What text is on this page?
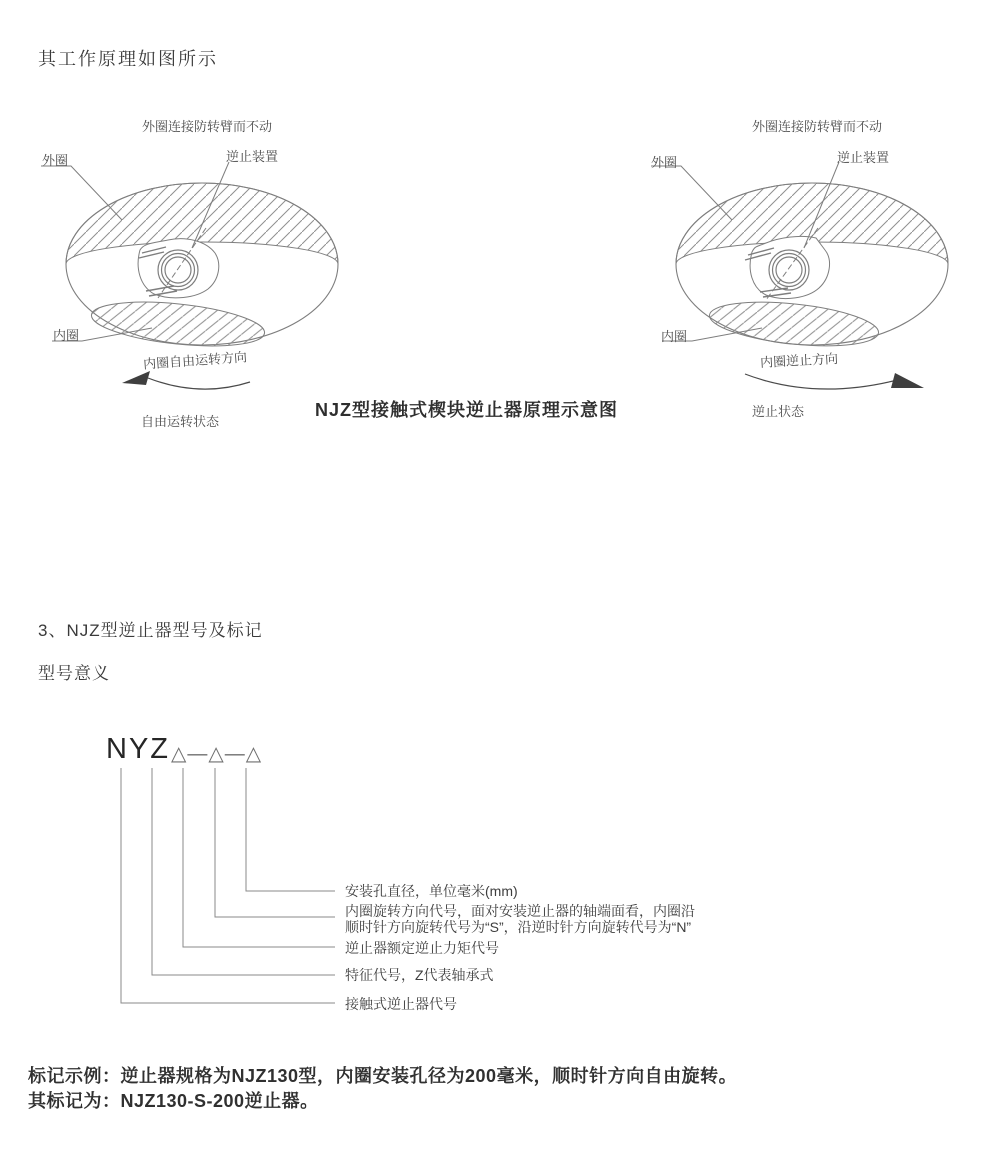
其工作原理如图所示
外圈连接防转臂而不动
外圈	逆止装置
内圈
内圈自由运转方向
自由运转状态
外圈连接防转臂而不动
外圈	逆止装置
内圈
内圈逆止方向
逆止状态
NJZ型接触式楔块逆止器原理示意图
3、NJZ型逆止器型号及标记
型号意义
NYZ △—△—△
安装孔直径，单位毫米(mm)
内圈旋转方向代号，面对安装逆止器的轴端面看，内圈沿
顺时针方向旋转代号为“S”，沿逆时针方向旋转代号为“N”
逆止器额定逆止力矩代号
特征代号，Z代表轴承式
接触式逆止器代号
标记示例：逆止器规格为NJZ130型，内圈安装孔径为200毫米，顺时针方向自由旋转。
其标记为：NJZ130-S-200逆止器。
